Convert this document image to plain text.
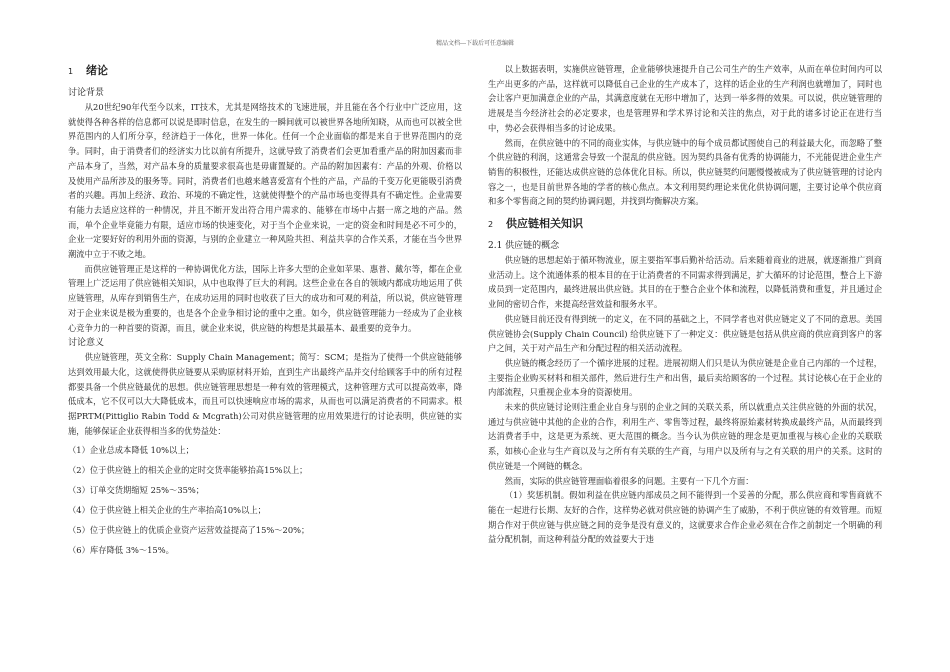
精品文档---下载后可任意编辑
1	绪论
讨论背景

从20世纪90年代至今以来，IT技术，尤其是网络技术的飞速进展，并且能在各个行业中广泛应用，这就使得各种各样的信息都可以说是即时信息，在发生的一瞬间就可以被世界各地所知晓，从而也可以被全世界范围内的人们所分享，经济趋于一体化，世界一体化。任何一个企业面临的都是来自于世界范围内的竞争。同时，由于消费者们的经济实力比以前有所提升，这就导致了消费者们会更加看重产品的附加因素而非产品本身了，当然，对产品本身的质量要求很高也是毋庸置疑的。产品的附加因素有：产品的外观、价格以及使用产品所涉及的服务等。同时，消费者们也越来越喜爱富有个性的产品，产品的千变万化更能吸引消费者的兴趣。再加上经济、政治、环境的不确定性，这就使得整个的产品市场也变得具有不确定性。企业需要有能力去适应这样的一种情况，并且不断开发出符合用户需求的、能够在市场中占据一席之地的产品。然而，单个企业毕竟能力有限，适应市场的快速变化，对于当个企业来说，一定的资金和时间是必不可少的，企业一定要好好的利用外面的资源，与别的企业建立一种风险共担、利益共享的合作关系，才能在当今世界潮流中立于不败之地。

而供应链管理正是这样的一种协调优化方法，国际上许多大型的企业如苹果、惠普、戴尔等，都在企业管理上广泛运用了供应链相关知识，从中也取得了巨大的利润。这些企业在各自的领域内都成功地运用了供应链管理，从库存到销售生产，在成功运用的同时也收获了巨大的成功和可观的利益，所以说，供应链管理对于企业来说是极为重要的，也是各个企业争相讨论的重中之重。如今，供应链管理能力一经成为了企业核心竞争力的一种首要的资源，而且，就企业来说，供应链的构想是其最基本、最重要的竞争力。

讨论意义

供应链管理，英文全称：Supply Chain Management；简写：SCM；是指为了使得一个供应链能够达到效用最大化，这就使得供应链要从采购原材料开始，直到生产出最终产品并交付给顾客手中的所有过程都要具备一个供应链最优的思想。供应链管理思想是一种有效的管理模式，这种管理方式可以提高效率，降低成本，它不仅可以大大降低成本，而且可以快速响应市场的需求，从而也可以满足消费者的不同需求。根据PRTM(Pittiglio Rabin Todd & Mcgrath)公司对供应链管理的应用效果进行的讨论表明，供应链的实施，能够保证企业获得相当多的优势益处：

（1）企业总成本降低 10%以上；
（2）位于供应链上的相关企业的定时交货率能够抬高15%以上；
（3）订单交货期缩短 25%～35%；
（4）位于供应链上相关企业的生产率抬高10%以上；
（5）位于供应链上的优质企业资产运营效益提高了15%～20%；
（6）库存降低 3%～15%。

以上数据表明，实施供应链管理，企业能够快速提升自己公司生产的生产效率，从而在单位时间内可以生产出更多的产品，这样就可以降低自己企业的生产成本了，这样的话企业的生产利润也就增加了，同时也会让客户更加满意企业的产品，其满意度就在无形中增加了，达到一举多得的效果。可以说，供应链管理的进展是当今经济社会的必定要求，也是管理界和学术界讨论和关注的焦点，对于此的诸多讨论正在进行当中，势必会获得相当多的讨论成果。

然而，在供应链中的不同的商业实体，与供应链中的每个成员都试图使自己的利益最大化，而忽略了整个供应链的利润，这通常会导致一个混乱的供应链。因为契约具备有优秀的协调能力，不光能促进企业生产销售的积极性，还能达成供应链的总体优化目标。所以，供应链契约问题慢慢被成为了供应链管理的讨论内容之一，也是目前世界各地的学者的核心焦点。本文利用契约理论来优化供协调问题，主要讨论单个供应商和多个零售商之间的契约协调问题，并找到均衡解决方案。

2	供应链相关知识
2.1 供应链的概念

供应链的思想起始于循环物流业，原主要指军事后勤补给活动。后来随着商业的进展，就逐渐推广到商业活动上。这个流通体系的根本目的在于让消费者的不同需求得到满足，扩大循环的讨论范围，整合上下游成员到一定范围内，最终进展出供应链。其目的在于整合企业个体和流程，以降低消费和重复，并且通过企业间的密切合作，来提高经营效益和服务水平。

供应链目前还没有得到统一的定义，在不同的基础之上，不同学者也对供应链定义了不同的意思。美国供应链协会(Supply Chain Council) 给供应链下了一种定义：供应链是包括从供应商的供应商到客户的客户之间，关于对产品生产和分配过程的相关活动流程。

供应链的概念经历了一个循序进展的过程。进展初期人们只是认为供应链是企业自己内部的一个过程，主要指企业购买材料和相关部件，然后进行生产和出售，最后卖给顾客的一个过程。其讨论核心在于企业的内部流程，只重视企业本身的资源使用。

未来的供应链讨论则注重企业自身与别的企业之间的关联关系，所以就重点关注供应链的外面的状况，通过与供应链中其他的企业的合作，利用生产、零售等过程，最终将原始素材转换成最终产品，从而最终到达消费者手中，这是更为系统、更大范围的概念。当今认为供应链的理念是更加重视与核心企业的关联联系，如核心企业与生产商以及与之所有有关联的生产商，与用户以及所有与之有关联的用户的关系。这时的供应链是一个网链的概念。

然而，实际的供应链管理面临着很多的问题。主要有一下几个方面：

（1）奖惩机制。假如利益在供应链内部成员之间不能得到一个妥善的分配，那么供应商和零售商就不能在一起进行长期、友好的合作，这样势必就对供应链的协调产生了威胁，不利于供应链的有效管理。而短期合作对于供应链与供应链之间的竞争是没有意义的，这就要求合作企业必须在合作之前制定一个明确的利益分配机制，而这种利益分配的效益要大于违
